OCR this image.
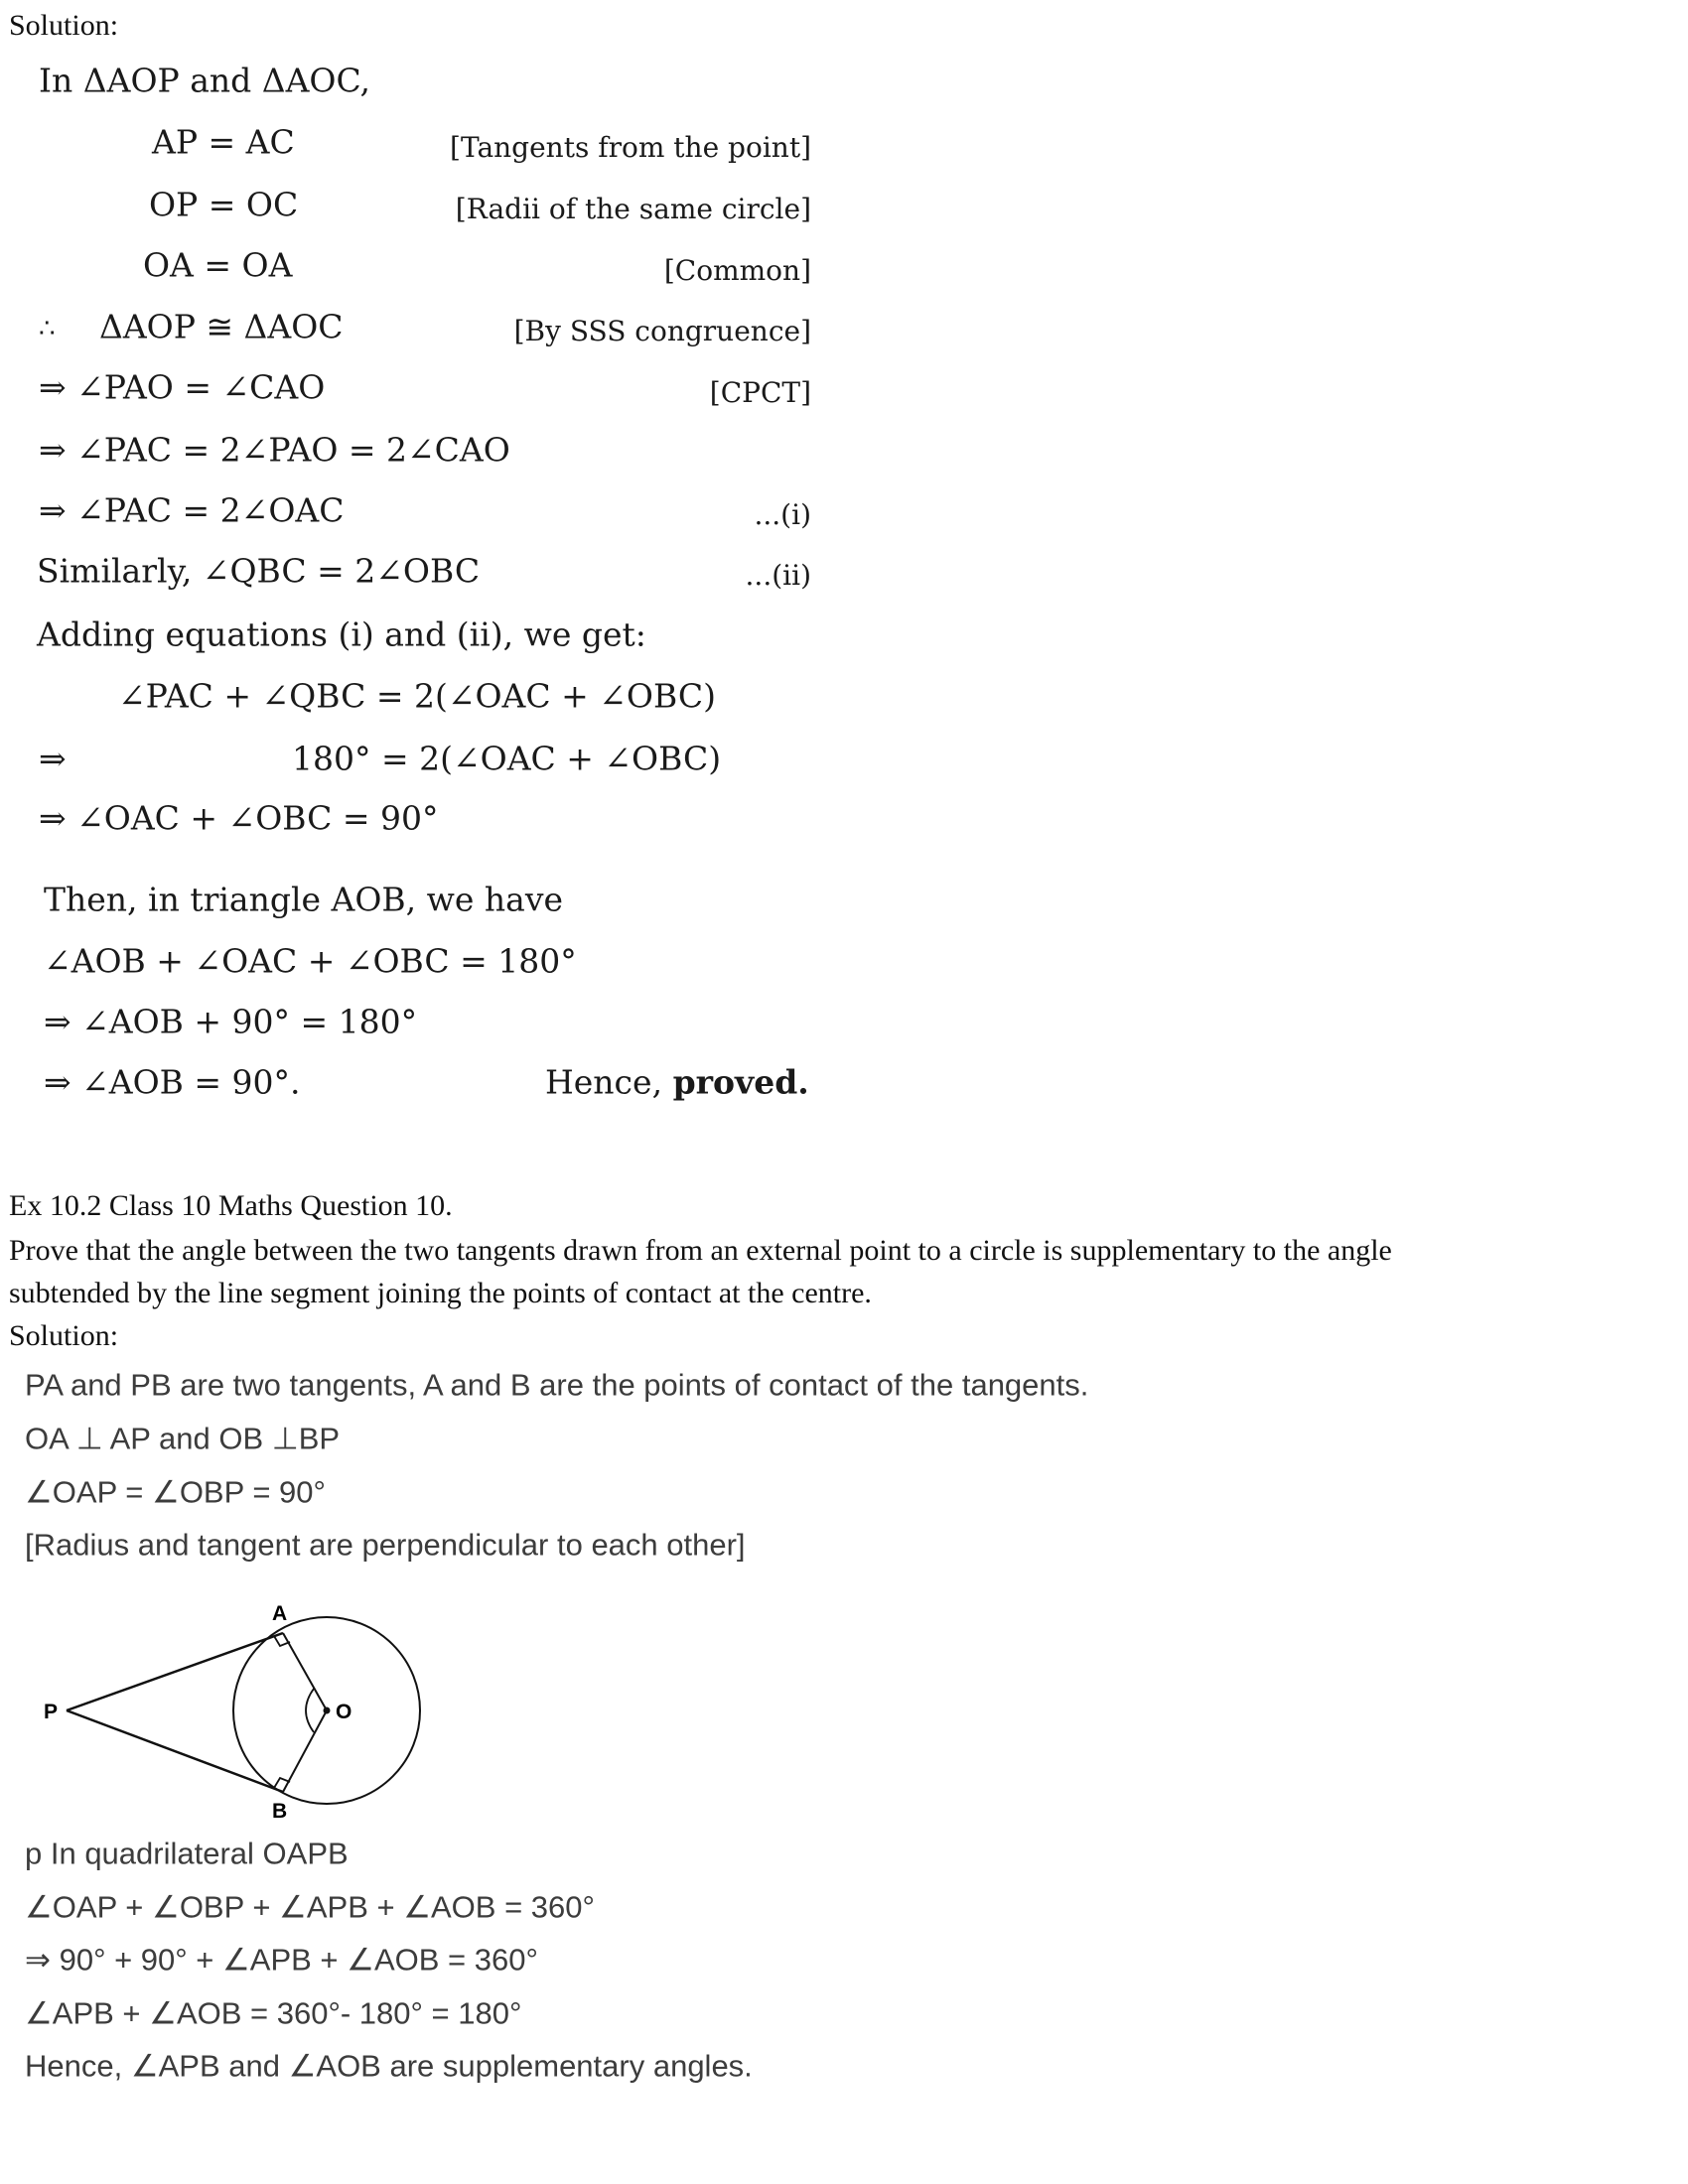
Solution:
In ΔAOP and ΔAOC,
AP = AC	[Tangents from the point]
OP = OC	[Radii of the same circle]
OA = OA	[Common]
∴ ΔAOP ≅ ΔAOC	[By SSS congruence]
⇒ ∠PAO = ∠CAO	[CPCT]
⇒ ∠PAC = 2∠PAO = 2∠CAO
⇒ ∠PAC = 2∠OAC	...(i)
Similarly, ∠QBC = 2∠OBC	...(ii)
Adding equations (i) and (ii), we get:
∠PAC + ∠QBC = 2(∠OAC + ∠OBC)
⇒	180° = 2(∠OAC + ∠OBC)
⇒ ∠OAC + ∠OBC = 90°
Then, in triangle AOB, we have
∠AOB + ∠OAC + ∠OBC = 180°
⇒ ∠AOB + 90° = 180°
⇒ ∠AOB = 90°.	Hence, proved.
Ex 10.2 Class 10 Maths Question 10.
Prove that the angle between the two tangents drawn from an external point to a circle is supplementary to the angle
subtended by the line segment joining the points of contact at the centre.
Solution:
PA and PB are two tangents, A and B are the points of contact of the tangents.
OA ⊥ AP and OB ⊥BP
∠OAP = ∠OBP = 90°
[Radius and tangent are perpendicular to each other]
P
A
B
O
p In quadrilateral OAPB
∠OAP + ∠OBP + ∠APB + ∠AOB = 360°
⇒ 90° + 90° + ∠APB + ∠AOB = 360°
∠APB + ∠AOB = 360°- 180° = 180°
Hence, ∠APB and ∠AOB are supplementary angles.
